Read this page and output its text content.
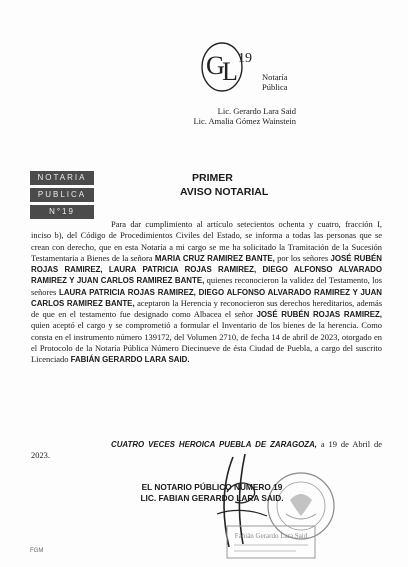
G
L 19
Notaría
Pública
Lic. Gerardo Lara Said
Lic. Amalia Gómez Wainstein
NOTARIA
PUBLICA
N°19
PRIMER
AVISO NOTARIAL
Para dar cumplimiento al artículo setecientos ochenta y cuatro, fracción I, inciso b), del Código de Procedimientos Civiles del Estado, se informa a todas las personas que se crean con derecho, que en esta Notaría a mi cargo se me ha solicitado la Tramitación de la Sucesión Testamentaria a Bienes de la señora MARIA CRUZ RAMIREZ BANTE, por los señores JOSÉ RUBÉN ROJAS RAMIREZ, LAURA PATRICIA ROJAS RAMIREZ, DIEGO ALFONSO ALVARADO RAMIREZ Y JUAN CARLOS RAMIREZ BANTE, quienes reconocieron la validez del Testamento, los señores LAURA PATRICIA ROJAS RAMIREZ, DIEGO ALFONSO ALVARADO RAMIREZ Y JUAN CARLOS RAMIREZ BANTE, aceptaron la Herencia y reconocieron sus derechos hereditarios, además de que en el testamento fue designado como Albacea el señor JOSÉ RUBÉN ROJAS RAMIREZ, quien aceptó el cargo y se comprometió a formular el Inventario de los bienes de la herencia. Como consta en el instrumento número 139172, del Volumen 2710, de fecha 14 de abril de 2023, otorgado en el Protocolo de la Notaría Pública Número Diecinueve de ésta Ciudad de Puebla, a cargo del suscrito Licenciado FABIÁN GERARDO LARA SAID.
CUATRO VECES HEROICA PUEBLA DE ZARAGOZA, a 19 de Abril de 2023.
EL NOTARIO PÚBLICO NÚMERO 19
LIC. FABIAN GERARDO LARA SAID.
Fabián Gerardo Lara Said
FGM
